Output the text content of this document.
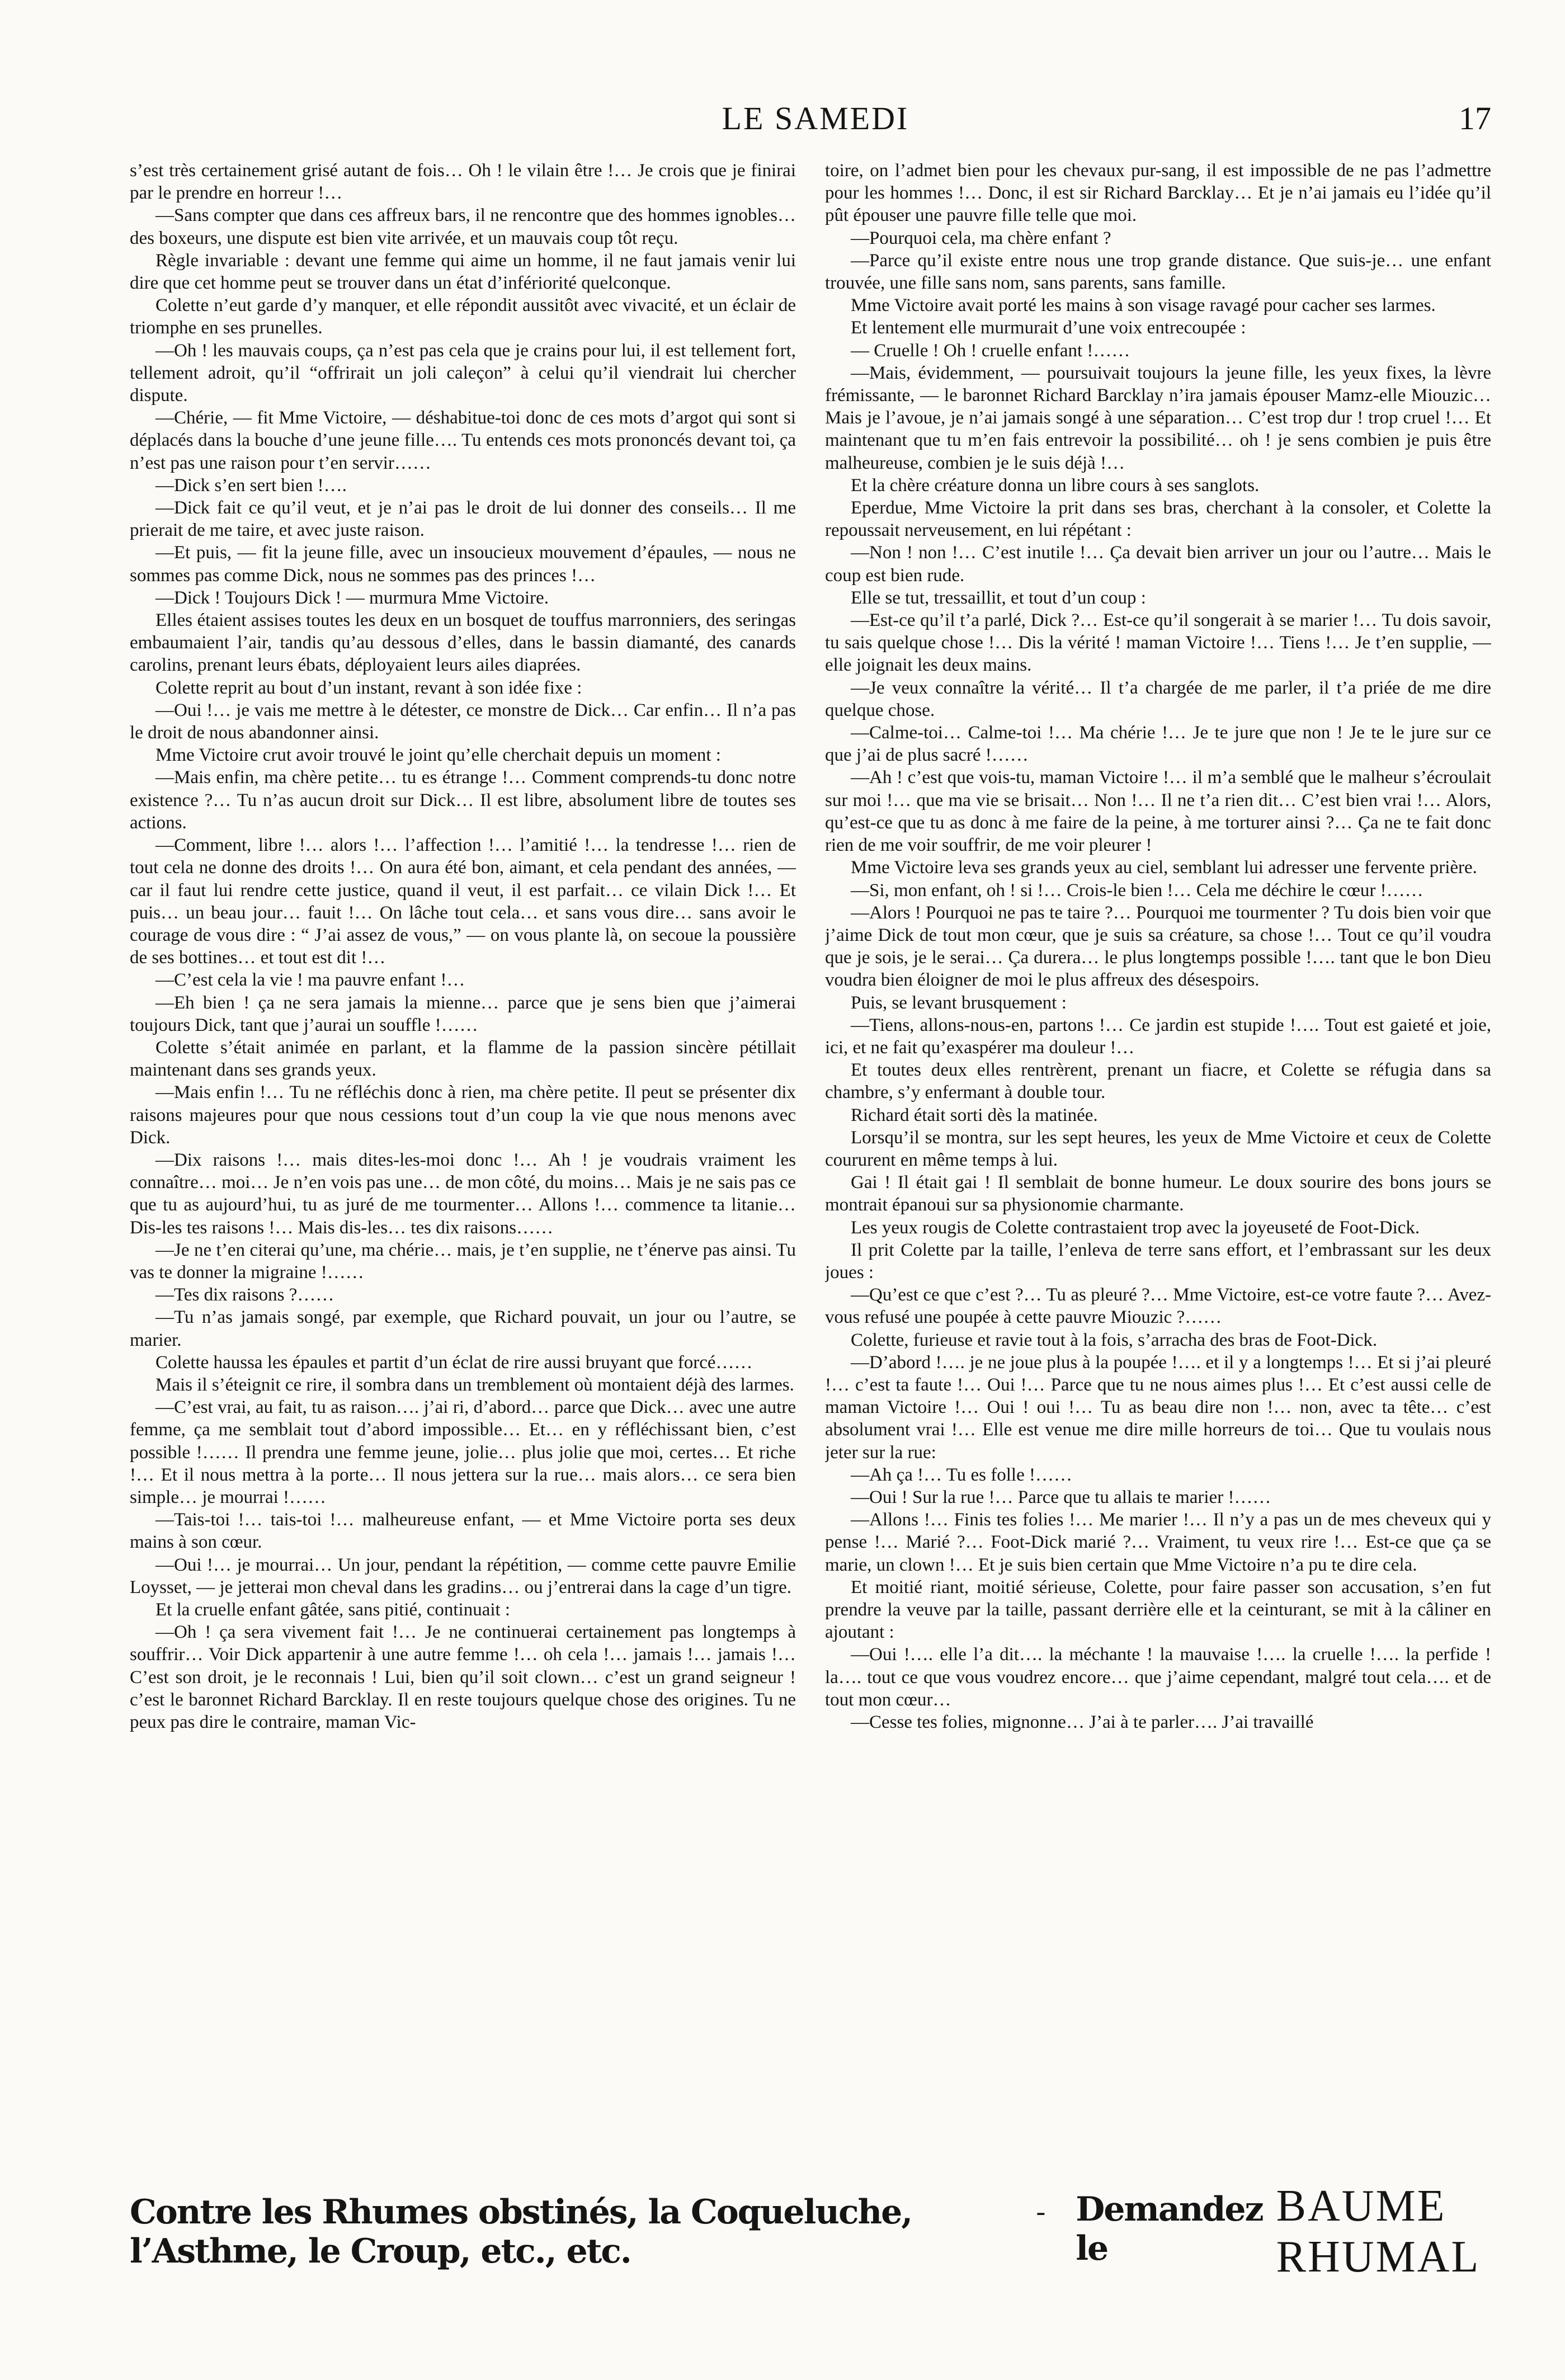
LE SAMEDI	17

s’est très certainement grisé autant de fois… Oh ! le vilain être !… Je crois que je finirai par le prendre en horreur !…

—Sans compter que dans ces affreux bars, il ne rencontre que des hommes ignobles… des boxeurs, une dispute est bien vite arrivée, et un mauvais coup tôt reçu.

Règle invariable : devant une femme qui aime un homme, il ne faut jamais venir lui dire que cet homme peut se trouver dans un état d’infériorité quelconque.

Colette n’eut garde d’y manquer, et elle répondit aussitôt avec vivacité, et un éclair de triomphe en ses prunelles.

—Oh ! les mauvais coups, ça n’est pas cela que je crains pour lui, il est tellement fort, tellement adroit, qu’il “offrirait un joli caleçon” à celui qu’il viendrait lui chercher dispute.

—Chérie, — fit Mme Victoire, — déshabitue-toi donc de ces mots d’argot qui sont si déplacés dans la bouche d’une jeune fille…. Tu entends ces mots prononcés devant toi, ça n’est pas une raison pour t’en servir……

—Dick s’en sert bien !….

—Dick fait ce qu’il veut, et je n’ai pas le droit de lui donner des conseils… Il me prierait de me taire, et avec juste raison.

—Et puis, — fit la jeune fille, avec un insoucieux mouvement d’épaules, — nous ne sommes pas comme Dick, nous ne sommes pas des princes !…

—Dick ! Toujours Dick ! — murmura Mme Victoire.

Elles étaient assises toutes les deux en un bosquet de touffus marronniers, des seringas embaumaient l’air, tandis qu’au dessous d’elles, dans le bassin diamanté, des canards carolins, prenant leurs ébats, déployaient leurs ailes diaprées.

Colette reprit au bout d’un instant, revant à son idée fixe :

—Oui !… je vais me mettre à le détester, ce monstre de Dick… Car enfin… Il n’a pas le droit de nous abandonner ainsi.

Mme Victoire crut avoir trouvé le joint qu’elle cherchait depuis un moment :

—Mais enfin, ma chère petite… tu es étrange !… Comment comprends-tu donc notre existence ?… Tu n’as aucun droit sur Dick… Il est libre, absolument libre de toutes ses actions.

—Comment, libre !… alors !… l’affection !… l’amitié !… la tendresse !… rien de tout cela ne donne des droits !… On aura été bon, aimant, et cela pendant des années, — car il faut lui rendre cette justice, quand il veut, il est parfait… ce vilain Dick !… Et puis… un beau jour… fauit !… On lâche tout cela… et sans vous dire… sans avoir le courage de vous dire : “ J’ai assez de vous,” — on vous plante là, on secoue la poussière de ses bottines… et tout est dit !…

—C’est cela la vie ! ma pauvre enfant !…

—Eh bien ! ça ne sera jamais la mienne… parce que je sens bien que j’aimerai toujours Dick, tant que j’aurai un souffle !……

Colette s’était animée en parlant, et la flamme de la passion sincère pétillait maintenant dans ses grands yeux.

—Mais enfin !… Tu ne réfléchis donc à rien, ma chère petite. Il peut se présenter dix raisons majeures pour que nous cessions tout d’un coup la vie que nous menons avec Dick.

—Dix raisons !… mais dites-les-moi donc !… Ah ! je voudrais vraiment les connaître… moi… Je n’en vois pas une… de mon côté, du moins… Mais je ne sais pas ce que tu as aujourd’hui, tu as juré de me tourmenter… Allons !… commence ta litanie… Dis-les tes raisons !… Mais dis-les… tes dix raisons……

—Je ne t’en citerai qu’une, ma chérie… mais, je t’en supplie, ne t’énerve pas ainsi. Tu vas te donner la migraine !……

—Tes dix raisons ?……

—Tu n’as jamais songé, par exemple, que Richard pouvait, un jour ou l’autre, se marier.

Colette haussa les épaules et partit d’un éclat de rire aussi bruyant que forcé……

Mais il s’éteignit ce rire, il sombra dans un tremblement où montaient déjà des larmes.

—C’est vrai, au fait, tu as raison…. j’ai ri, d’abord… parce que Dick… avec une autre femme, ça me semblait tout d’abord impossible… Et… en y réfléchissant bien, c’est possible !…… Il prendra une femme jeune, jolie… plus jolie que moi, certes… Et riche !… Et il nous mettra à la porte… Il nous jettera sur la rue… mais alors… ce sera bien simple… je mourrai !……

—Tais-toi !… tais-toi !… malheureuse enfant, — et Mme Victoire porta ses deux mains à son cœur.

—Oui !… je mourrai… Un jour, pendant la répétition, — comme cette pauvre Emilie Loysset, — je jetterai mon cheval dans les gradins… ou j’entrerai dans la cage d’un tigre.

Et la cruelle enfant gâtée, sans pitié, continuait :

—Oh ! ça sera vivement fait !… Je ne continuerai certainement pas longtemps à souffrir… Voir Dick appartenir à une autre femme !… oh cela !… jamais !… jamais !… C’est son droit, je le reconnais ! Lui, bien qu’il soit clown… c’est un grand seigneur ! c’est le baronnet Richard Barcklay. Il en reste toujours quelque chose des origines. Tu ne peux pas dire le contraire, maman Vic-

toire, on l’admet bien pour les chevaux pur-sang, il est impossible de ne pas l’admettre pour les hommes !… Donc, il est sir Richard Barcklay… Et je n’ai jamais eu l’idée qu’il pût épouser une pauvre fille telle que moi.

—Pourquoi cela, ma chère enfant ?

—Parce qu’il existe entre nous une trop grande distance. Que suis-je… une enfant trouvée, une fille sans nom, sans parents, sans famille.

Mme Victoire avait porté les mains à son visage ravagé pour cacher ses larmes.

Et lentement elle murmurait d’une voix entrecoupée :

— Cruelle ! Oh ! cruelle enfant !……

—Mais, évidemment, — poursuivait toujours la jeune fille, les yeux fixes, la lèvre frémissante, — le baronnet Richard Barcklay n’ira jamais épouser Mamz-elle Miouzic… Mais je l’avoue, je n’ai jamais songé à une séparation… C’est trop dur ! trop cruel !… Et maintenant que tu m’en fais entrevoir la possibilité… oh ! je sens combien je puis être malheureuse, combien je le suis déjà !…

Et la chère créature donna un libre cours à ses sanglots.

Eperdue, Mme Victoire la prit dans ses bras, cherchant à la consoler, et Colette la repoussait nerveusement, en lui répétant :

—Non ! non !… C’est inutile !… Ça devait bien arriver un jour ou l’autre… Mais le coup est bien rude.

Elle se tut, tressaillit, et tout d’un coup :

—Est-ce qu’il t’a parlé, Dick ?… Est-ce qu’il songerait à se marier !… Tu dois savoir, tu sais quelque chose !… Dis la vérité ! maman Victoire !… Tiens !… Je t’en supplie, — elle joignait les deux mains.

—Je veux connaître la vérité… Il t’a chargée de me parler, il t’a priée de me dire quelque chose.

—Calme-toi… Calme-toi !… Ma chérie !… Je te jure que non ! Je te le jure sur ce que j’ai de plus sacré !……

—Ah ! c’est que vois-tu, maman Victoire !… il m’a semblé que le malheur s’écroulait sur moi !… que ma vie se brisait… Non !… Il ne t’a rien dit… C’est bien vrai !… Alors, qu’est-ce que tu as donc à me faire de la peine, à me torturer ainsi ?… Ça ne te fait donc rien de me voir souffrir, de me voir pleurer !

Mme Victoire leva ses grands yeux au ciel, semblant lui adresser une fervente prière.

—Si, mon enfant, oh ! si !… Crois-le bien !… Cela me déchire le cœur !……

—Alors ! Pourquoi ne pas te taire ?… Pourquoi me tourmenter ? Tu dois bien voir que j’aime Dick de tout mon cœur, que je suis sa créature, sa chose !… Tout ce qu’il voudra que je sois, je le serai… Ça durera… le plus longtemps possible !…. tant que le bon Dieu voudra bien éloigner de moi le plus affreux des désespoirs.

Puis, se levant brusquement :

—Tiens, allons-nous-en, partons !… Ce jardin est stupide !…. Tout est gaieté et joie, ici, et ne fait qu’exaspérer ma douleur !…

Et toutes deux elles rentrèrent, prenant un fiacre, et Colette se réfugia dans sa chambre, s’y enfermant à double tour.

Richard était sorti dès la matinée.

Lorsqu’il se montra, sur les sept heures, les yeux de Mme Victoire et ceux de Colette coururent en même temps à lui.

Gai ! Il était gai ! Il semblait de bonne humeur. Le doux sourire des bons jours se montrait épanoui sur sa physionomie charmante.

Les yeux rougis de Colette contrastaient trop avec la joyeuseté de Foot-Dick.

Il prit Colette par la taille, l’enleva de terre sans effort, et l’embrassant sur les deux joues :

—Qu’est ce que c’est ?… Tu as pleuré ?… Mme Victoire, est-ce votre faute ?… Avez-vous refusé une poupée à cette pauvre Miouzic ?……

Colette, furieuse et ravie tout à la fois, s’arracha des bras de Foot-Dick.

—D’abord !…. je ne joue plus à la poupée !…. et il y a longtemps !… Et si j’ai pleuré !… c’est ta faute !… Oui !… Parce que tu ne nous aimes plus !… Et c’est aussi celle de maman Victoire !… Oui ! oui !… Tu as beau dire non !… non, avec ta tête… c’est absolument vrai !… Elle est venue me dire mille horreurs de toi… Que tu voulais nous jeter sur la rue:

—Ah ça !… Tu es folle !……

—Oui ! Sur la rue !… Parce que tu allais te marier !……

—Allons !… Finis tes folies !… Me marier !… Il n’y a pas un de mes cheveux qui y pense !… Marié ?… Foot-Dick marié ?… Vraiment, tu veux rire !… Est-ce que ça se marie, un clown !… Et je suis bien certain que Mme Victoire n’a pu te dire cela.

Et moitié riant, moitié sérieuse, Colette, pour faire passer son accusation, s’en fut prendre la veuve par la taille, passant derrière elle et la ceinturant, se mit à la câliner en ajoutant :

—Oui !…. elle l’a dit…. la méchante ! la mauvaise !…. la cruelle !…. la perfide ! la…. tout ce que vous voudrez encore… que j’aime cependant, malgré tout cela…. et de tout mon cœur…

—Cesse tes folies, mignonne… J’ai à te parler…. J’ai travaillé

Contre les Rhumes obstinés, la Coqueluche, l’Asthme, le Croup, etc., etc.
- Demandez le
BAUME RHUMAL
